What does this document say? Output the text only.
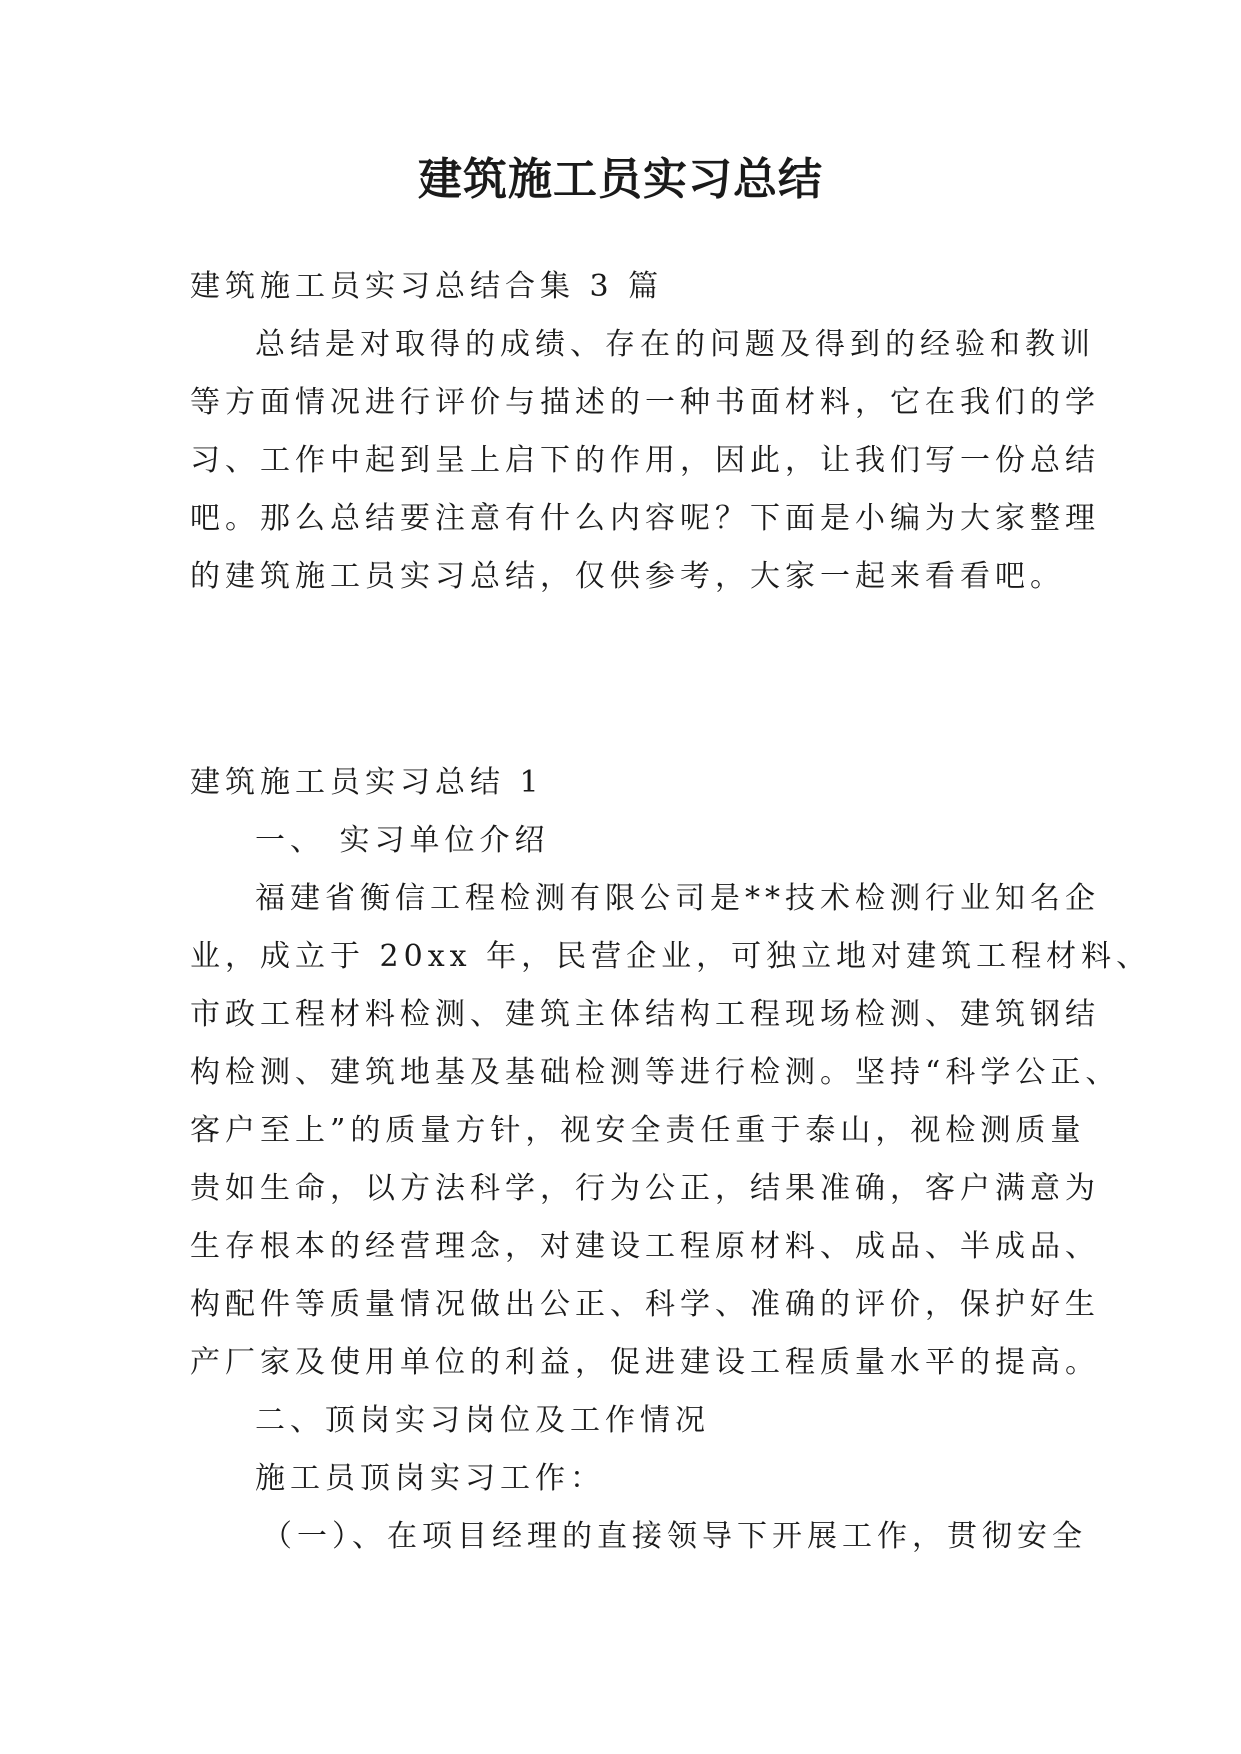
建筑施工员实习总结
建筑施工员实习总结合集 3 篇
总结是对取得的成绩、存在的问题及得到的经验和教训
等方面情况进行评价与描述的一种书面材料，它在我们的学
习、工作中起到呈上启下的作用，因此，让我们写一份总结
吧。那么总结要注意有什么内容呢？下面是小编为大家整理
的建筑施工员实习总结，仅供参考，大家一起来看看吧。
建筑施工员实习总结 1
一、 实习单位介绍
福建省衡信工程检测有限公司是**技术检测行业知名企
业，成立于 20xx 年，民营企业，可独立地对建筑工程材料、
市政工程材料检测、建筑主体结构工程现场检测、建筑钢结
构检测、建筑地基及基础检测等进行检测。坚持“科学公正、
客户至上”的质量方针，视安全责任重于泰山，视检测质量
贵如生命，以方法科学，行为公正，结果准确，客户满意为
生存根本的经营理念，对建设工程原材料、成品、半成品、
构配件等质量情况做出公正、科学、准确的评价，保护好生
产厂家及使用单位的利益，促进建设工程质量水平的提高。
二、顶岗实习岗位及工作情况
施工员顶岗实习工作：
（一）、在项目经理的直接领导下开展工作，贯彻安全
